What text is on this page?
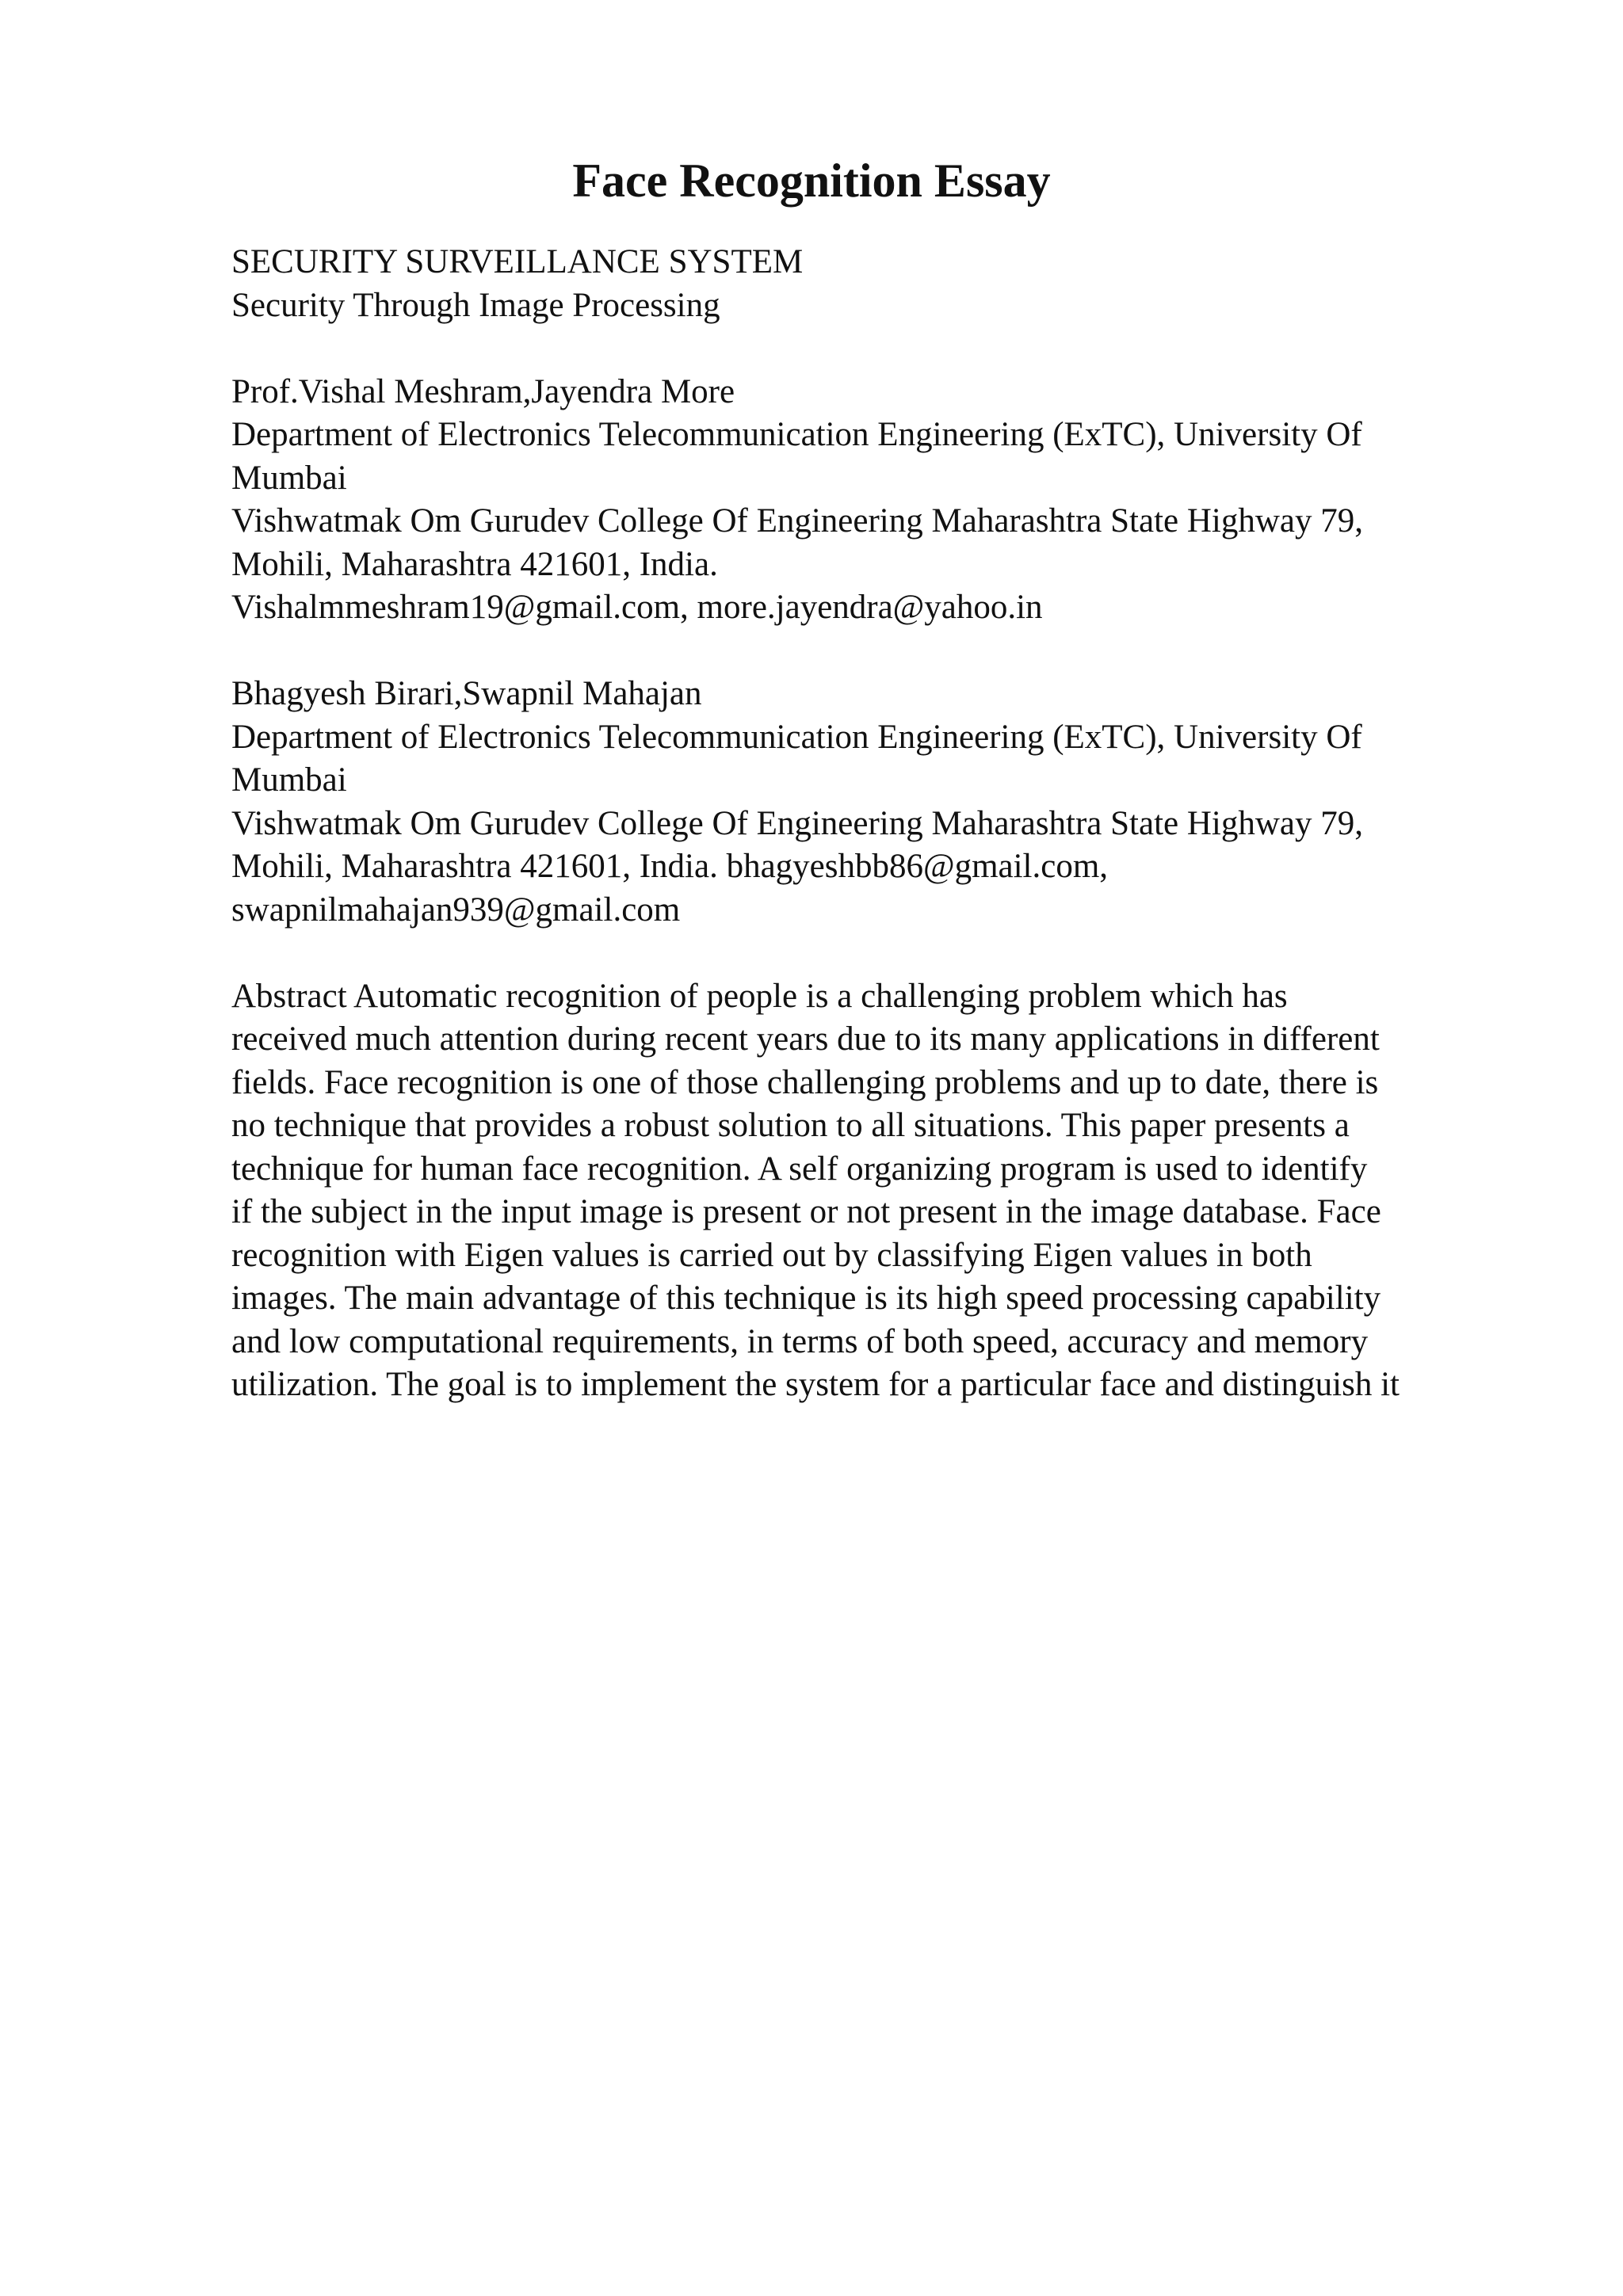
Face Recognition Essay
SECURITY SURVEILLANCE SYSTEM
Security Through Image Processing
Prof.Vishal Meshram,Jayendra More
Department of Electronics Telecommunication Engineering (ExTC), University Of
Mumbai
Vishwatmak Om Gurudev College Of Engineering Maharashtra State Highway 79,
Mohili, Maharashtra 421601, India.
Vishalmmeshram19@gmail.com, more.jayendra@yahoo.in
Bhagyesh Birari,Swapnil Mahajan
Department of Electronics Telecommunication Engineering (ExTC), University Of
Mumbai
Vishwatmak Om Gurudev College Of Engineering Maharashtra State Highway 79,
Mohili, Maharashtra 421601, India. bhagyeshbb86@gmail.com,
swapnilmahajan939@gmail.com
Abstract Automatic recognition of people is a challenging problem which has
received much attention during recent years due to its many applications in different
fields. Face recognition is one of those challenging problems and up to date, there is
no technique that provides a robust solution to all situations. This paper presents a
technique for human face recognition. A self organizing program is used to identify
if the subject in the input image is present or not present in the image database. Face
recognition with Eigen values is carried out by classifying Eigen values in both
images. The main advantage of this technique is its high speed processing capability
and low computational requirements, in terms of both speed, accuracy and memory
utilization. The goal is to implement the system for a particular face and distinguish it
